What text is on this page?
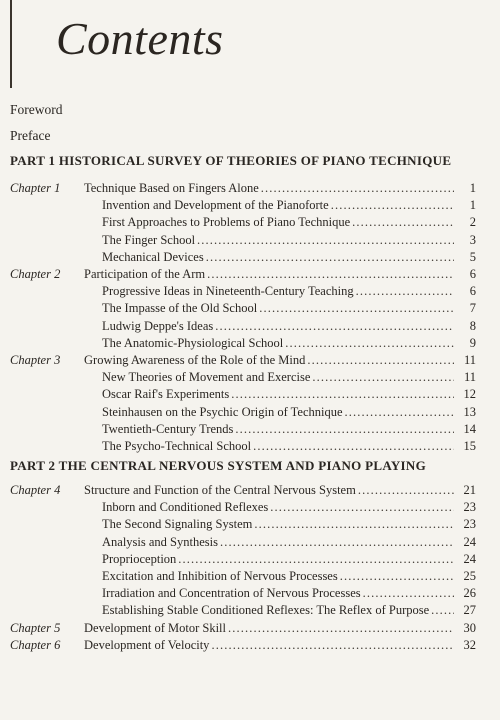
Contents
Foreword
Preface
PART 1 HISTORICAL SURVEY OF THEORIES OF PIANO TECHNIQUE
Chapter 1 Technique Based on Fingers Alone . . .	1
Invention and Development of the Pianoforte . . .	1
First Approaches to Problems of Piano Technique . . .	2
The Finger School . . .	3
Mechanical Devices . . .	5
Chapter 2 Participation of the Arm . . .	6
Progressive Ideas in Nineteenth-Century Teaching . . .	6
The Impasse of the Old School . . .	7
Ludwig Deppe's Ideas . . .	8
The Anatomic-Physiological School . . .	9
Chapter 3 Growing Awareness of the Role of the Mind . . .	11
New Theories of Movement and Exercise . . .	11
Oscar Raif's Experiments . . .	12
Steinhausen on the Psychic Origin of Technique . . .	13
Twentieth-Century Trends . . .	14
The Psycho-Technical School . . .	15
PART 2 THE CENTRAL NERVOUS SYSTEM AND PIANO PLAYING
Chapter 4 Structure and Function of the Central Nervous System . . .	21
Inborn and Conditioned Reflexes . . .	23
The Second Signaling System . . .	23
Analysis and Synthesis . . .	24
Proprioception . . .	24
Excitation and Inhibition of Nervous Processes . . .	25
Irradiation and Concentration of Nervous Processes . . .	26
Establishing Stable Conditioned Reflexes: The Reflex of Purpose . . .	27
Chapter 5 Development of Motor Skill . . .	30
Chapter 6 Development of Velocity . . .	32
